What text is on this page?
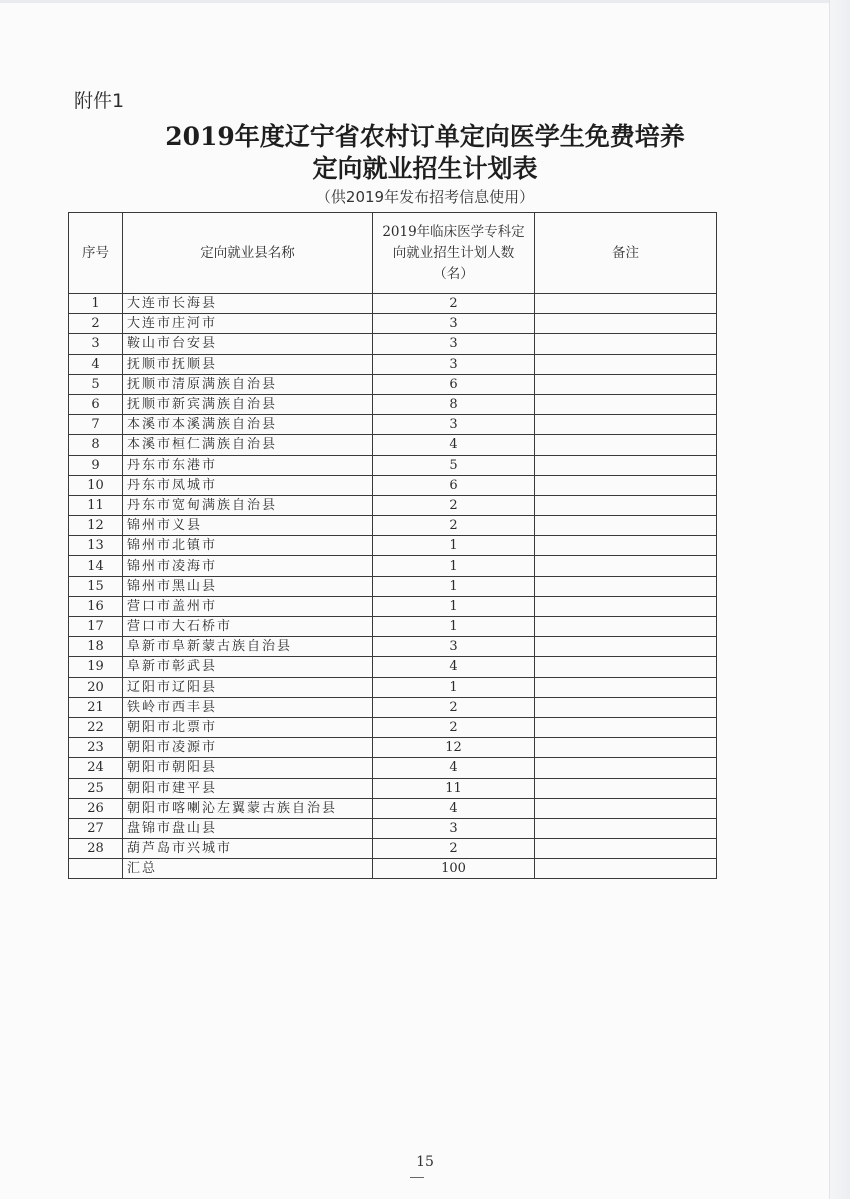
附件1
2019年度辽宁省农村订单定向医学生免费培养
定向就业招生计划表
（供2019年发布招考信息使用）
序号	定向就业县名称	2019年临床医学专科定向就业招生计划人数（名）	备注
1	大连市长海县	2	
2	大连市庄河市	3	
3	鞍山市台安县	3	
4	抚顺市抚顺县	3	
5	抚顺市清原满族自治县	6	
6	抚顺市新宾满族自治县	8	
7	本溪市本溪满族自治县	3	
8	本溪市桓仁满族自治县	4	
9	丹东市东港市	5	
10	丹东市凤城市	6	
11	丹东市宽甸满族自治县	2	
12	锦州市义县	2	
13	锦州市北镇市	1	
14	锦州市凌海市	1	
15	锦州市黑山县	1	
16	营口市盖州市	1	
17	营口市大石桥市	1	
18	阜新市阜新蒙古族自治县	3	
19	阜新市彰武县	4	
20	辽阳市辽阳县	1	
21	铁岭市西丰县	2	
22	朝阳市北票市	2	
23	朝阳市凌源市	12	
24	朝阳市朝阳县	4	
25	朝阳市建平县	11	
26	朝阳市喀喇沁左翼蒙古族自治县	4	
27	盘锦市盘山县	3	
28	葫芦岛市兴城市	2	
	汇总	100	
15
